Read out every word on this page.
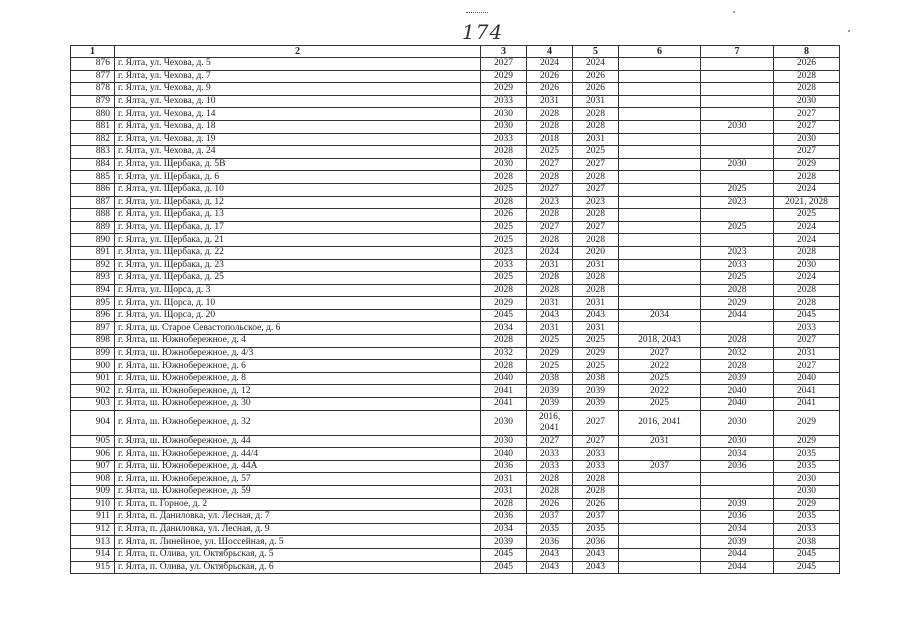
174
1	2	3	4	5	6	7	8
876	г. Ялта, ул. Чехова, д. 5	2027	2024	2024			2026
877	г. Ялта, ул. Чехова, д. 7	2029	2026	2026			2028
878	г. Ялта, ул. Чехова, д. 9	2029	2026	2026			2028
879	г. Ялта, ул. Чехова, д. 10	2033	2031	2031			2030
880	г. Ялта, ул. Чехова, д. 14	2030	2028	2028			2027
881	г. Ялта, ул. Чехова, д. 18	2030	2028	2028		2030	2027
882	г. Ялта, ул. Чехова, д. 19	2033	2018	2031			2030
883	г. Ялта, ул. Чехова, д. 24	2028	2025	2025			2027
884	г. Ялта, ул. Щербака, д. 5В	2030	2027	2027		2030	2029
885	г. Ялта, ул. Щербака, д. 6	2028	2028	2028			2028
886	г. Ялта, ул. Щербака, д. 10	2025	2027	2027		2025	2024
887	г. Ялта, ул. Щербака, д. 12	2028	2023	2023		2023	2021, 2028
888	г. Ялта, ул. Щербака, д. 13	2026	2028	2028			2025
889	г. Ялта, ул. Щербака, д. 17	2025	2027	2027		2025	2024
890	г. Ялта, ул. Щербака, д. 21	2025	2028	2028			2024
891	г. Ялта, ул. Щербака, д. 22	2023	2024	2020		2023	2028
892	г. Ялта, ул. Щербака, д. 23	2033	2031	2031		2033	2030
893	г. Ялта, ул. Щербака, д. 25	2025	2028	2028		2025	2024
894	г. Ялта, ул. Щорса, д. 3	2028	2028	2028		2028	2028
895	г. Ялта, ул. Щорса, д. 10	2029	2031	2031		2029	2028
896	г. Ялта, ул. Щорса, д. 20	2045	2043	2043	2034	2044	2045
897	г. Ялта, ш. Старое Севастопольское, д. 6	2034	2031	2031			2033
898	г. Ялта, ш. Южнобережное, д. 4	2028	2025	2025	2018, 2043	2028	2027
899	г. Ялта, ш. Южнобережное, д. 4/3	2032	2029	2029	2027	2032	2031
900	г. Ялта, ш. Южнобережное, д. 6	2028	2025	2025	2022	2028	2027
901	г. Ялта, ш. Южнобережное, д. 8	2040	2038	2038	2025	2039	2040
902	г. Ялта, ш. Южнобережное, д. 12	2041	2039	2039	2022	2040	2041
903	г. Ялта, ш. Южнобережное, д. 30	2041	2039	2039	2025	2040	2041
904	г. Ялта, ш. Южнобережное, д. 32	2030	2016, 2041	2027	2016, 2041	2030	2029
905	г. Ялта, ш. Южнобережное, д. 44	2030	2027	2027	2031	2030	2029
906	г. Ялта, ш. Южнобережное, д. 44/4	2040	2033	2033		2034	2035
907	г. Ялта, ш. Южнобережное, д. 44А	2036	2033	2033	2037	2036	2035
908	г. Ялта, ш. Южнобережное, д. 57	2031	2028	2028			2030
909	г. Ялта, ш. Южнобережное, д. 59	2031	2028	2028			2030
910	г. Ялта, п. Горное, д. 2	2028	2026	2026		2039	2029
911	г. Ялта, п. Даниловка, ул. Лесная, д. 7	2036	2037	2037		2036	2035
912	г. Ялта, п. Даниловка, ул. Лесная, д. 9	2034	2035	2035		2034	2033
913	г. Ялта, п. Линейное, ул. Шоссейная, д. 5	2039	2036	2036		2039	2038
914	г. Ялта, п. Олива, ул. Октябрьская, д. 5	2045	2043	2043		2044	2045
915	г. Ялта, п. Олива, ул. Октябрьская, д. 6	2045	2043	2043		2044	2045
